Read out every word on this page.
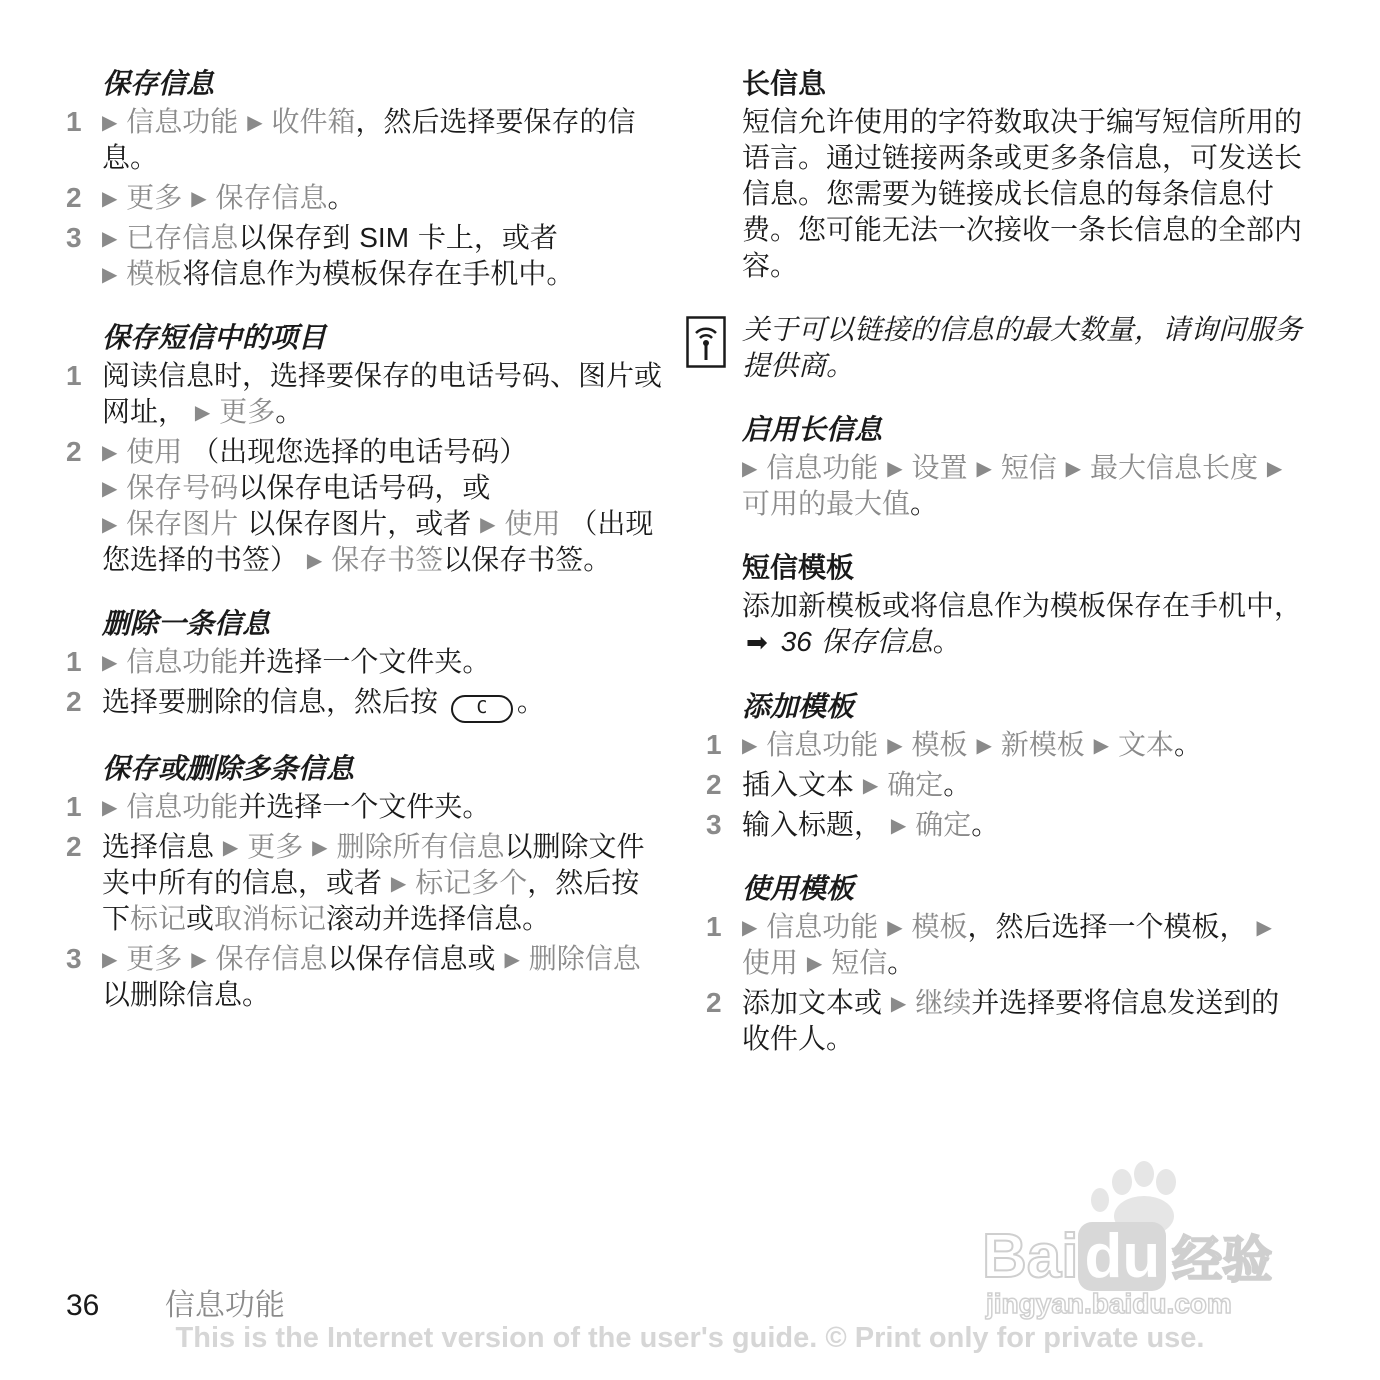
保存信息
1	▶ 信息功能 ▶ 收件箱，然后选择要保存的信息。
2	▶ 更多 ▶ 保存信息。
3	▶ 已存信息以保存到 SIM 卡上，或者
▶ 模板将信息作为模板保存在手机中。
保存短信中的项目
1 阅读信息时，选择要保存的电话号码、图片或网址， ▶ 更多。
2	▶ 使用 （出现您选择的电话号码）
▶ 保存号码以保存电话号码，或
▶ 保存图片 以保存图片，或者 ▶ 使用 （出现您选择的书签） ▶ 保存书签以保存书签。
删除一条信息
1	▶ 信息功能并选择一个文件夹。
2 选择要删除的信息，然后按 C 。
保存或删除多条信息
1	▶ 信息功能并选择一个文件夹。
2 选择信息 ▶ 更多 ▶ 删除所有信息以删除文件夹中所有的信息，或者 ▶ 标记多个，然后按下标记或取消标记滚动并选择信息。
3	▶ 更多 ▶ 保存信息以保存信息或 ▶ 删除信息以删除信息。
长信息
短信允许使用的字符数取决于编写短信所用的语言。通过链接两条或更多条信息，可发送长信息。您需要为链接成长信息的每条信息付费。您可能无法一次接收一条长信息的全部内容。
关于可以链接的信息的最大数量，请询问服务提供商。
启用长信息
▶ 信息功能 ▶ 设置 ▶ 短信 ▶ 最大信息长度 ▶ 可用的最大值。
短信模板
添加新模板或将信息作为模板保存在手机中， ➡ 36 保存信息。
添加模板
1	▶ 信息功能 ▶ 模板 ▶ 新模板 ▶ 文本。
2 插入文本 ▶ 确定。
3 输入标题， ▶ 确定。
使用模板
1	▶ 信息功能 ▶ 模板，然后选择一个模板， ▶ 使用 ▶ 短信。
2 添加文本或 ▶ 继续并选择要将信息发送到的收件人。
Baidu 经验
jingyan.baidu.com
36 信息功能
This is the Internet version of the user's guide. © Print only for private use.
